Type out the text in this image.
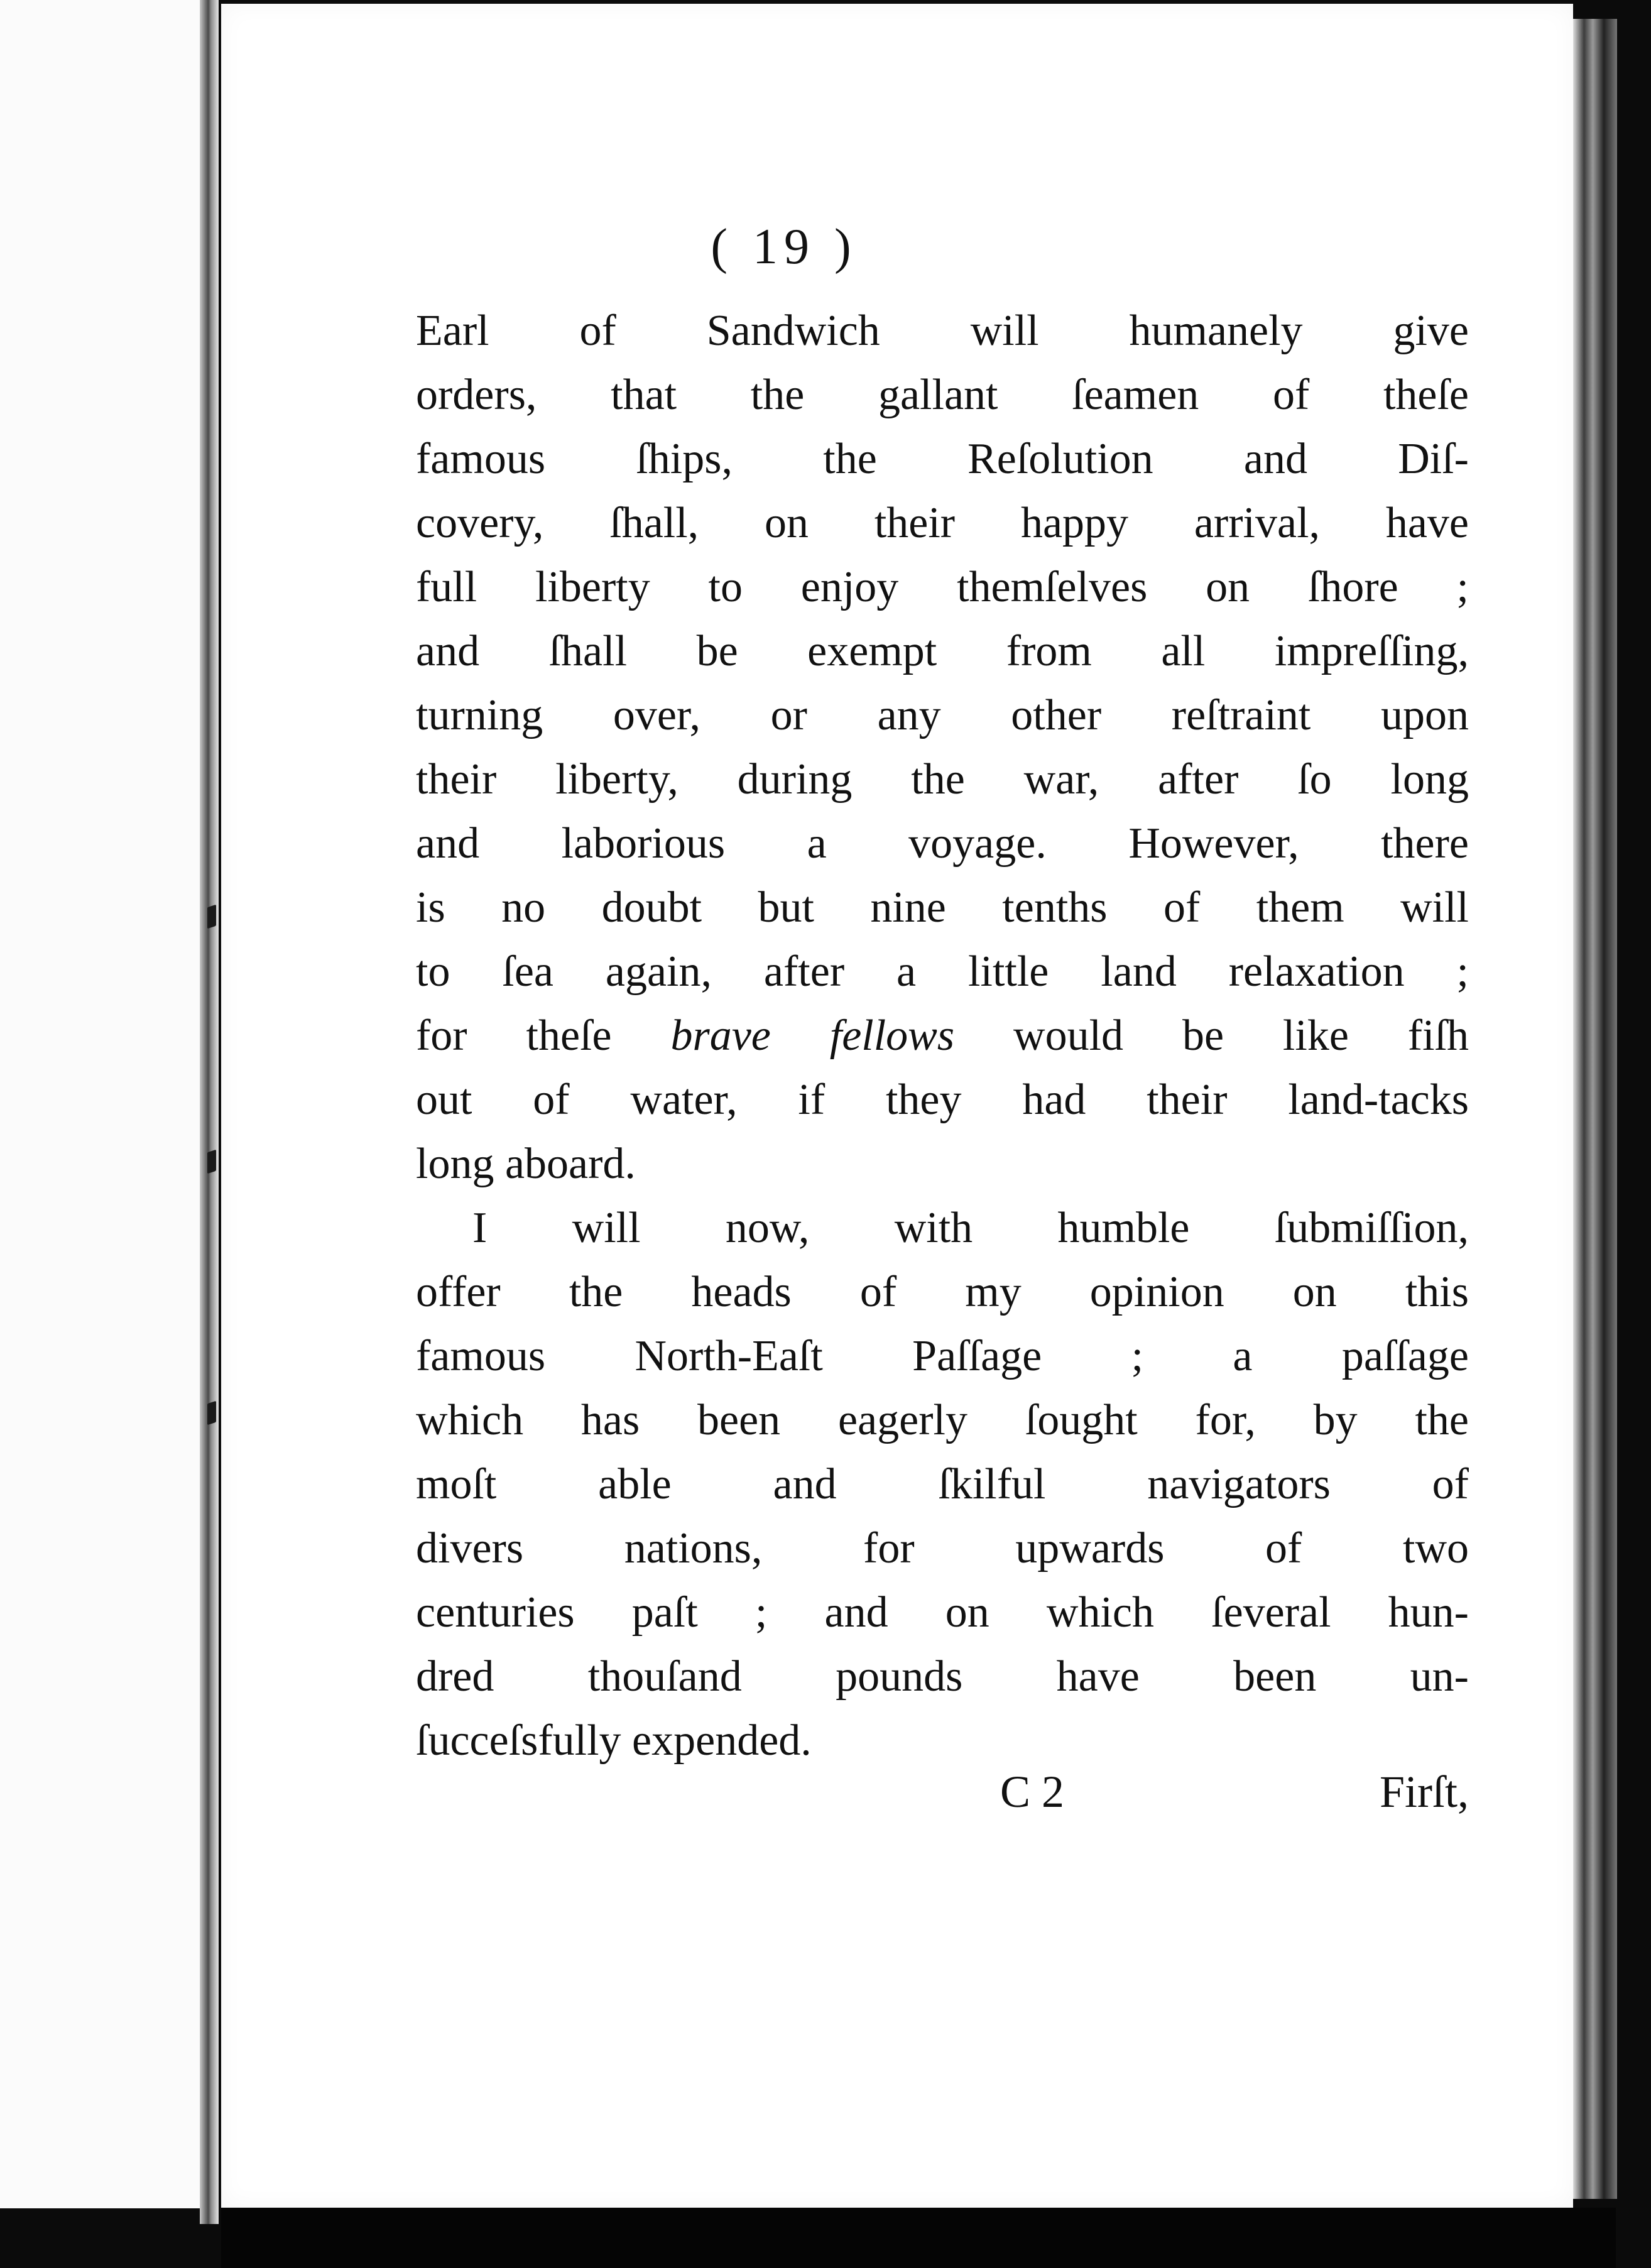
( 19 )
Earl of Sandwich will humanely give
orders, that the gallant ſeamen of theſe
famous ſhips, the Reſolution and Diſ-
covery, ſhall, on their happy arrival, have
full liberty to enjoy themſelves on ſhore ;
and ſhall be exempt from all impreſſing,
turning over, or any other reſtraint upon
their liberty, during the war, after ſo long
and laborious a voyage. However, there
is no doubt but nine tenths of them will
to ſea again, after a little land relaxation ;
for theſe brave fellows would be like fiſh
out of water, if they had their land-tacks
long aboard.
I will now, with humble ſubmiſſion,
offer the heads of my opinion on this
famous North-Eaſt Paſſage ; a paſſage
which has been eagerly ſought for, by the
moſt able and ſkilful navigators of
divers nations, for upwards of two
centuries paſt ; and on which ſeveral hun-
dred thouſand pounds have been un-
ſucceſsfully expended.
C 2	Firſt,
